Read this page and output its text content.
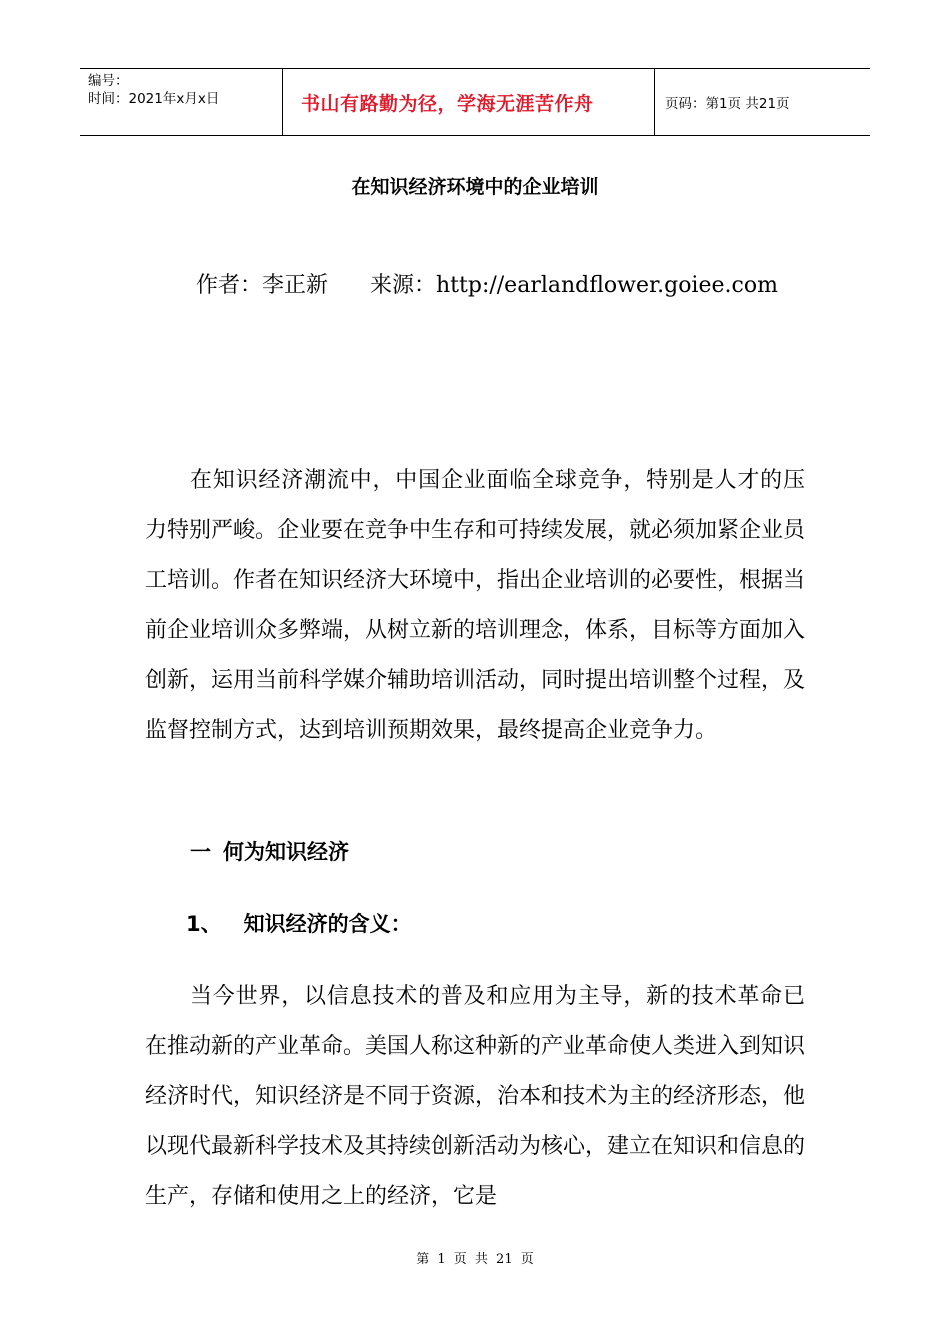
编号：
时间：2021年x月x日	书山有路勤为径，学海无涯苦作舟	页码：第1页 共21页
在知识经济环境中的企业培训
作者：李正新 来源：http://earlandflower.goiee.com

在知识经济潮流中，中国企业面临全球竞争，特别是人才的压力特别严峻。企业要在竞争中生存和可持续发展，就必须加紧企业员工培训。作者在知识经济大环境中，指出企业培训的必要性，根据当前企业培训众多弊端，从树立新的培训理念，体系，目标等方面加入创新，运用当前科学媒介辅助培训活动，同时提出培训整个过程，及监督控制方式，达到培训预期效果，最终提高企业竞争力。

一 何为知识经济
1、 知识经济的含义：

当今世界，以信息技术的普及和应用为主导，新的技术革命已在推动新的产业革命。美国人称这种新的产业革命使人类进入到知识经济时代，知识经济是不同于资源，治本和技术为主的经济形态，他以现代最新科学技术及其持续创新活动为核心，建立在知识和信息的生产，存储和使用之上的经济，它是

第 1 页 共 21 页
